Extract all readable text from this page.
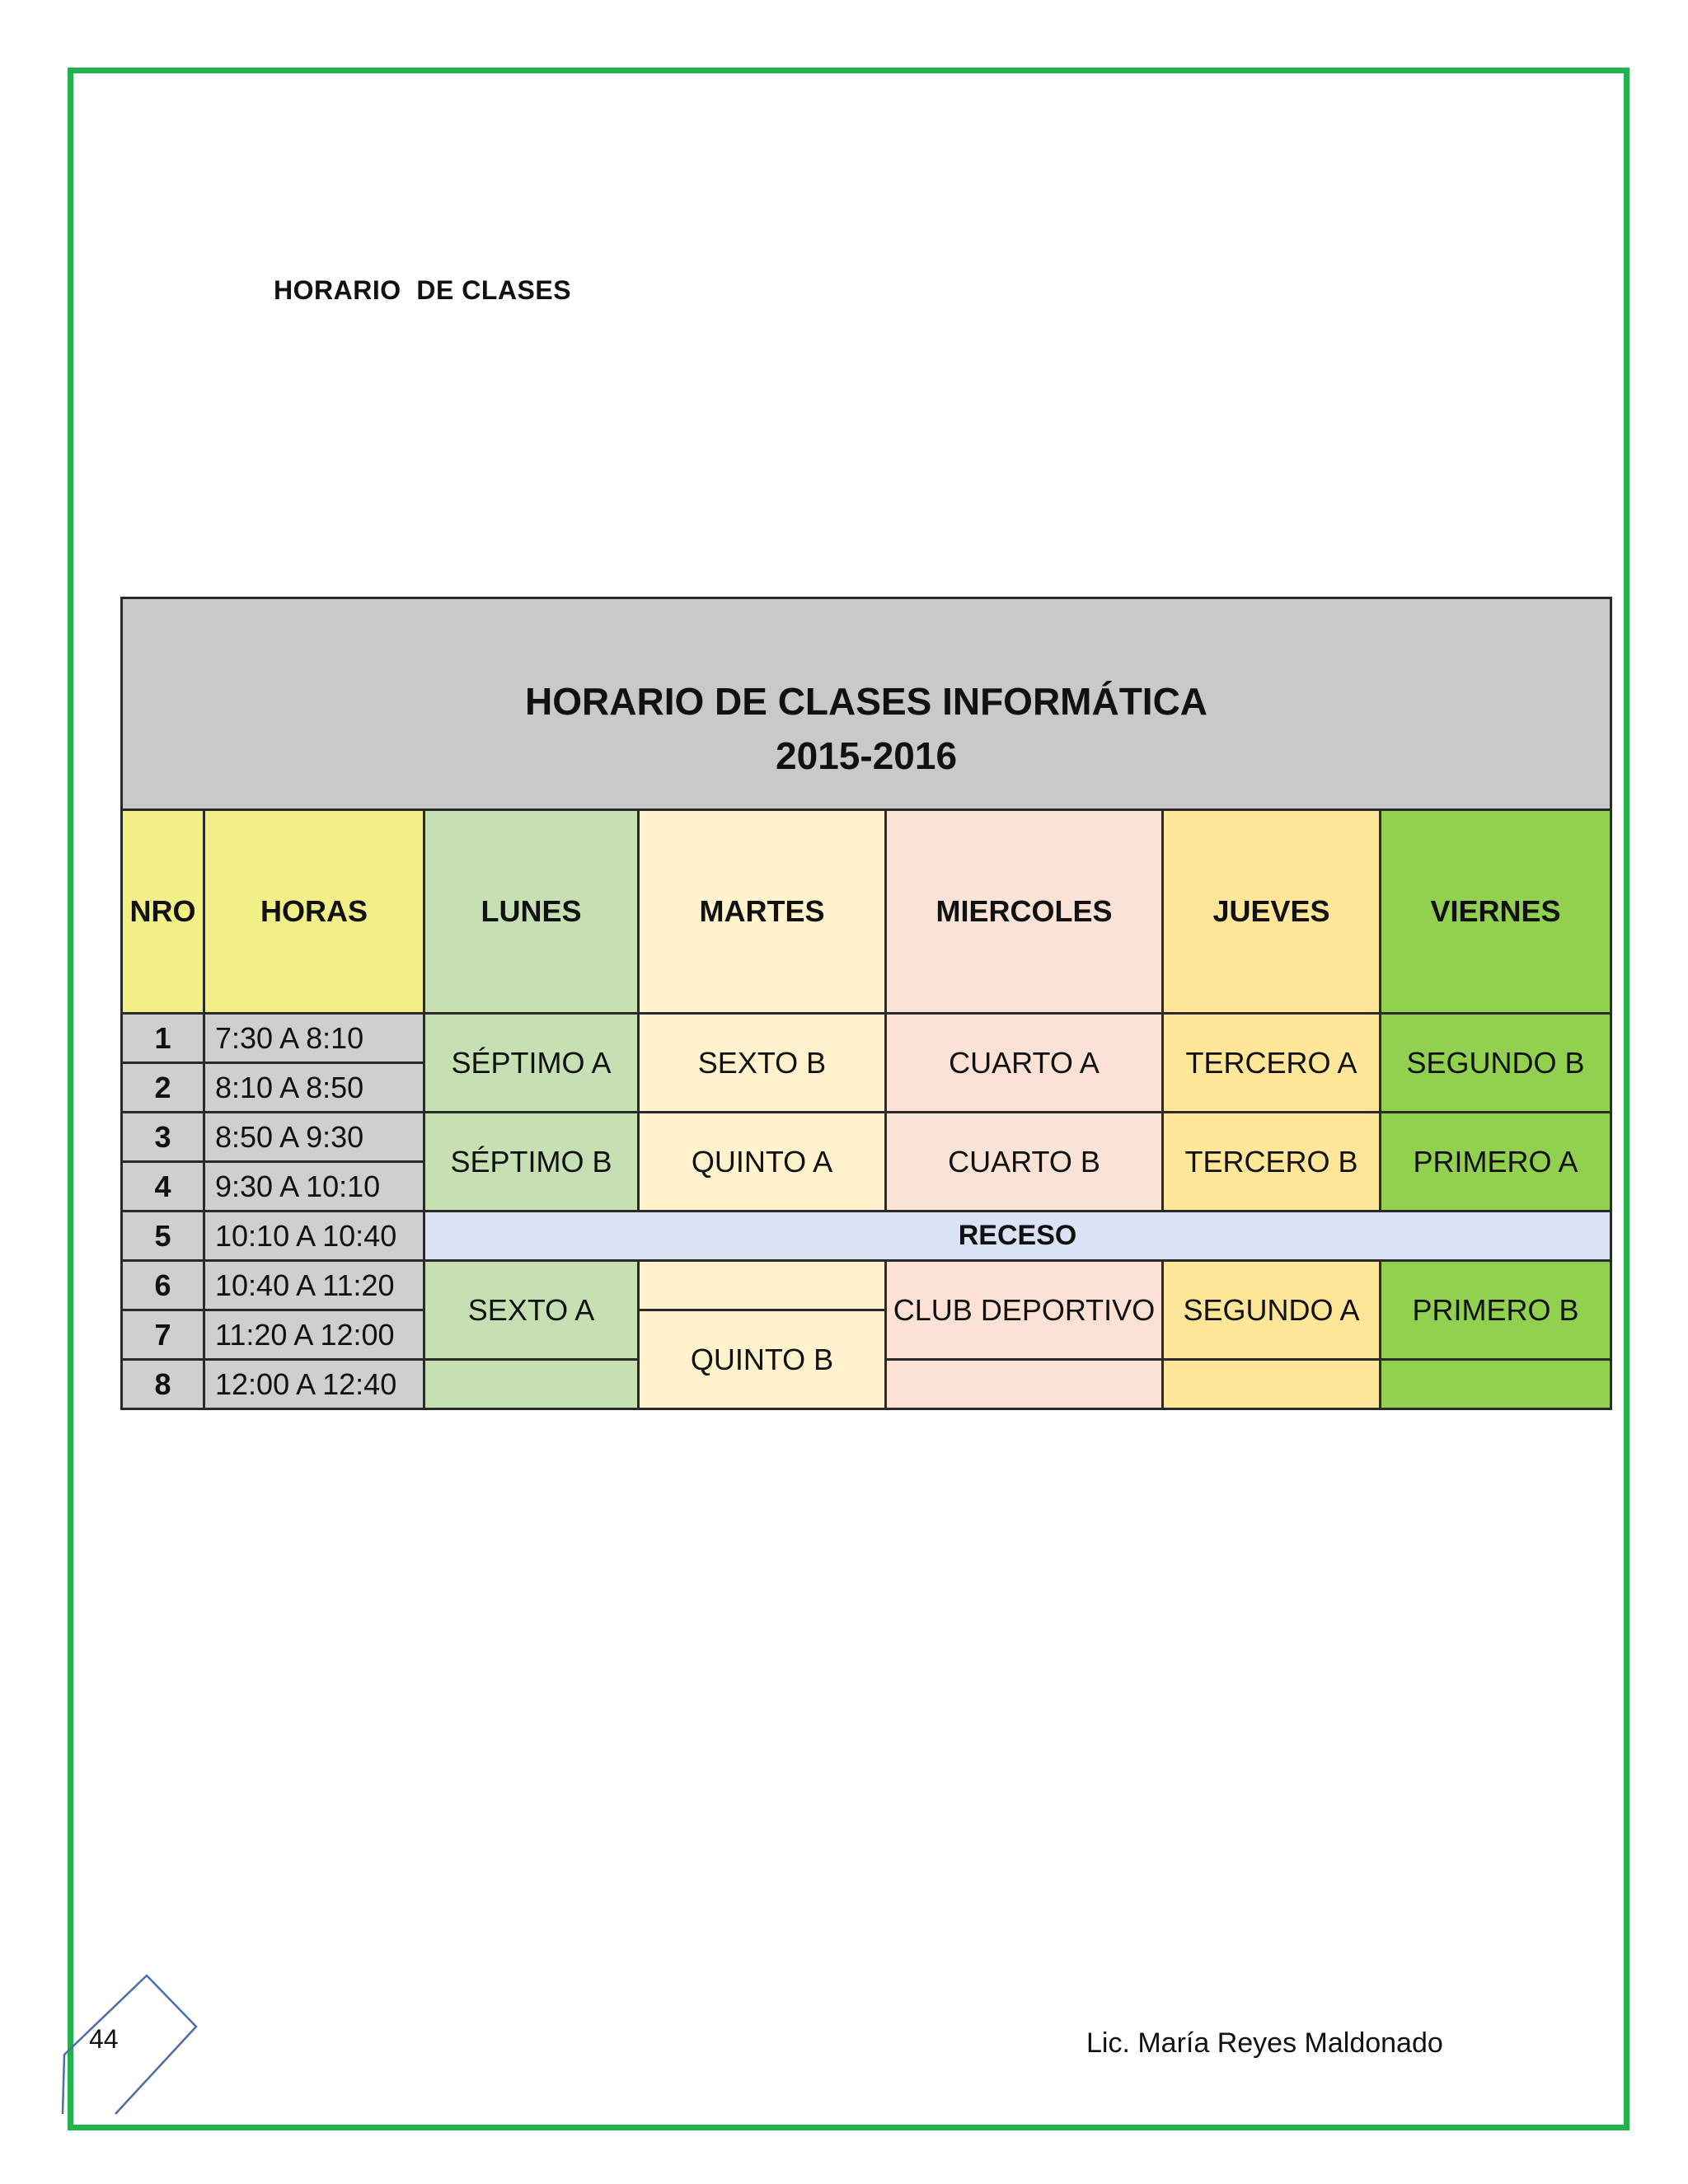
HORARIO  DE CLASES
HORARIO DE CLASES INFORMÁTICA
2015-2016						

NRO	HORAS	LUNES	MARTES	MIERCOLES	JUEVES	VIERNES
1	7:30 A 8:10	SÉPTIMO A	SEXTO B	CUARTO A	TERCERO A	SEGUNDO B
2	8:10 A 8:50					
3	8:50 A 9:30	SÉPTIMO B	QUINTO A	CUARTO B	TERCERO B	PRIMERO A
4	9:30 A 10:10					
5	10:10 A 10:40	RECESO				
6	10:40 A 11:20	SEXTO A		CLUB DEPORTIVO	SEGUNDO A	PRIMERO B
7	11:20 A 12:00		QUINTO B			
8	12:00 A 12:40					
44	Lic. María Reyes Maldonado
